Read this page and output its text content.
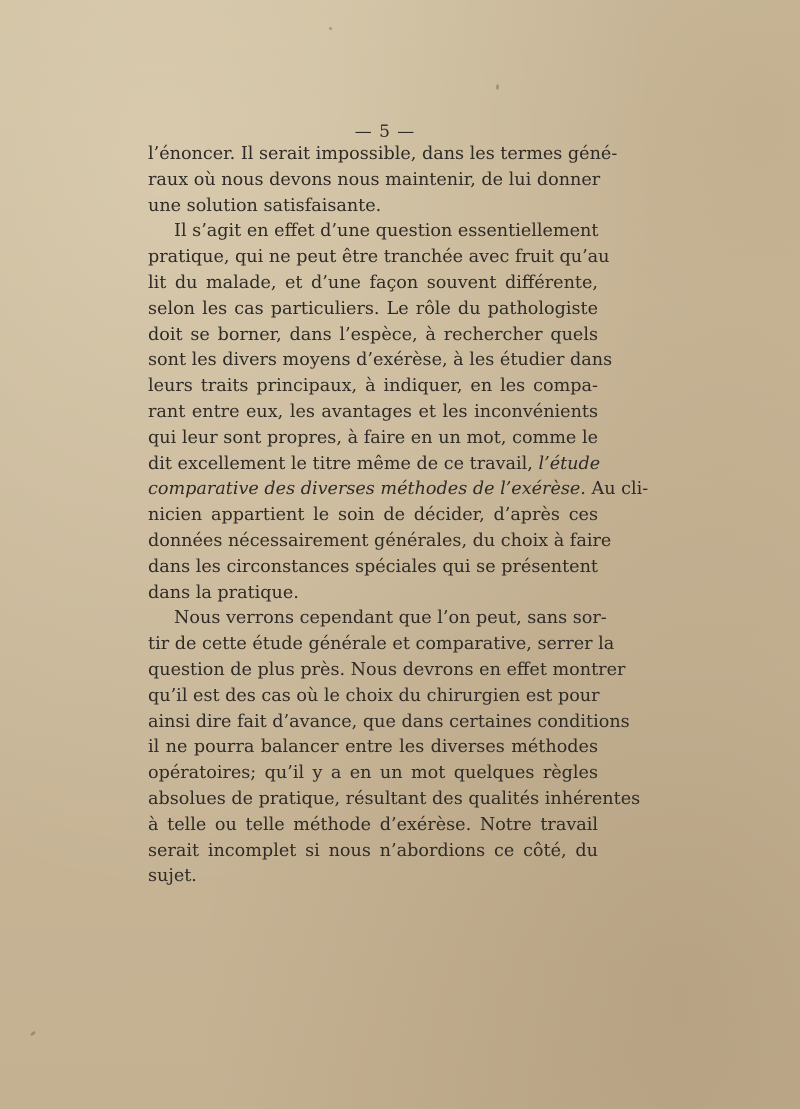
— 5 —
l’énoncer. Il serait impossible, dans les termes géné-
raux où nous devons nous maintenir, de lui donner
une solution satisfaisante.
Il s’agit en effet d’une question essentiellement
pratique, qui ne peut être tranchée avec fruit qu’au
lit du malade, et d’une façon souvent différente,
selon les cas particuliers. Le rôle du pathologiste
doit se borner, dans l’espèce, à rechercher quels
sont les divers moyens d’exérèse, à les étudier dans
leurs traits principaux, à indiquer, en les compa-
rant entre eux, les avantages et les inconvénients
qui leur sont propres, à faire en un mot, comme le
dit excellement le titre même de ce travail, l’étude
comparative des diverses méthodes de l’exérèse. Au cli-
nicien appartient le soin de décider, d’après ces
données nécessairement générales, du choix à faire
dans les circonstances spéciales qui se présentent
dans la pratique.
Nous verrons cependant que l’on peut, sans sor-
tir de cette étude générale et comparative, serrer la
question de plus près. Nous devrons en effet montrer
qu’il est des cas où le choix du chirurgien est pour
ainsi dire fait d’avance, que dans certaines conditions
il ne pourra balancer entre les diverses méthodes
opératoires; qu’il y a en un mot quelques règles
absolues de pratique, résultant des qualités inhérentes
à telle ou telle méthode d’exérèse. Notre travail
serait incomplet si nous n’abordions ce côté, du
sujet.
